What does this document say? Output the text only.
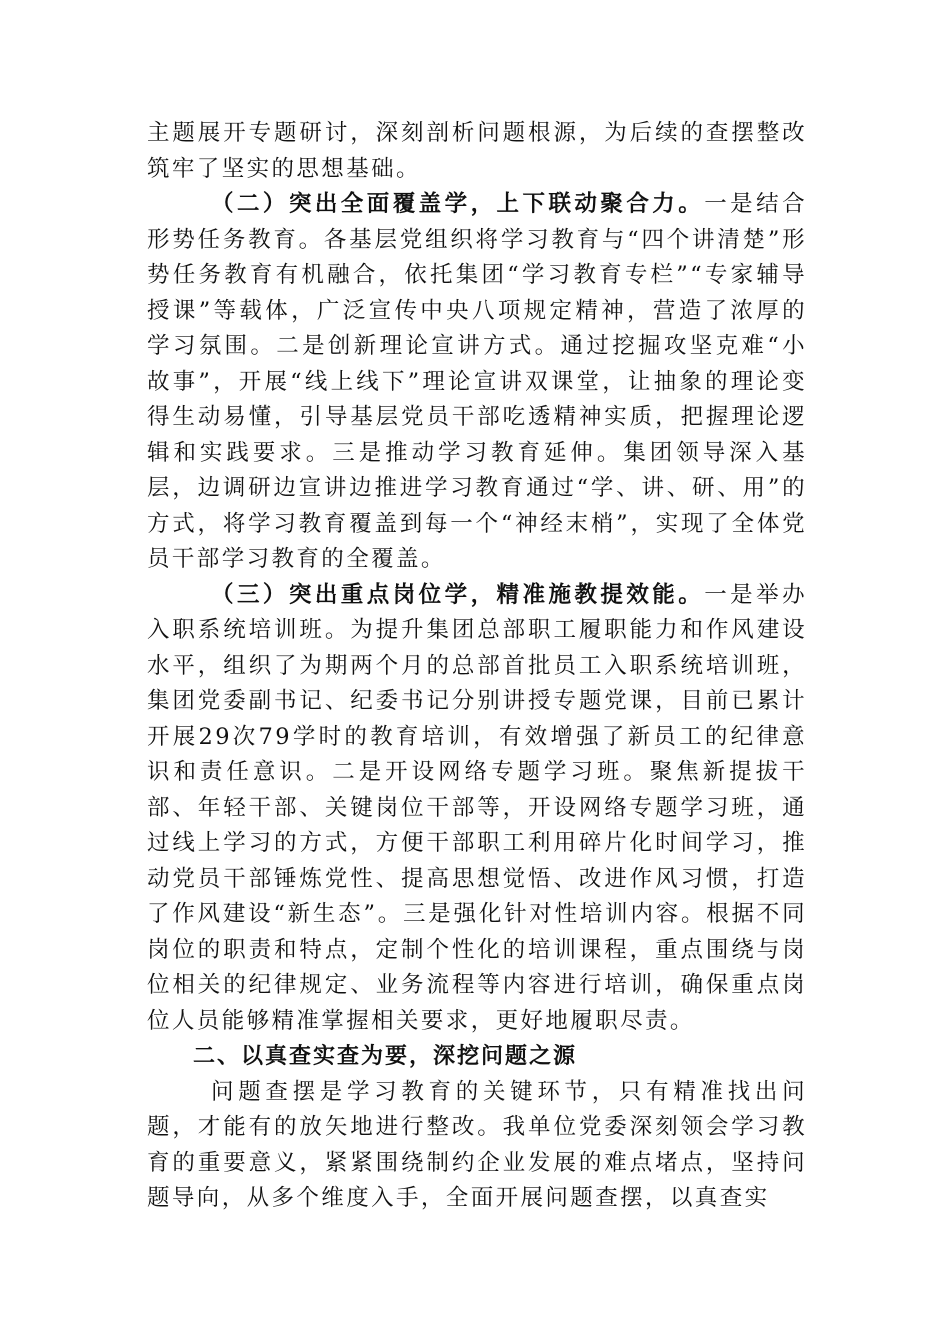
主题展开专题研讨，深刻剖析问题根源，为后续的查摆整改筑牢了坚实的思想基础。

（二）突出全面覆盖学，上下联动聚合力。一是结合形势任务教育。各基层党组织将学习教育与“四个讲清楚”形势任务教育有机融合，依托集团“学习教育专栏”“专家辅导授课”等载体，广泛宣传中央八项规定精神，营造了浓厚的学习氛围。二是创新理论宣讲方式。通过挖掘攻坚克难“小故事”，开展“线上线下”理论宣讲双课堂，让抽象的理论变得生动易懂，引导基层党员干部吃透精神实质，把握理论逻辑和实践要求。三是推动学习教育延伸。集团领导深入基层，边调研边宣讲边推进学习教育通过“学、讲、研、用”的方式，将学习教育覆盖到每一个“神经末梢”，实现了全体党员干部学习教育的全覆盖。

（三）突出重点岗位学，精准施教提效能。一是举办入职系统培训班。为提升集团总部职工履职能力和作风建设水平，组织了为期两个月的总部首批员工入职系统培训班，集团党委副书记、纪委书记分别讲授专题党课，目前已累计开展29次79学时的教育培训，有效增强了新员工的纪律意识和责任意识。二是开设网络专题学习班。聚焦新提拔干部、年轻干部、关键岗位干部等，开设网络专题学习班，通过线上学习的方式，方便干部职工利用碎片化时间学习，推动党员干部锤炼党性、提高思想觉悟、改进作风习惯，打造了作风建设“新生态”。三是强化针对性培训内容。根据不同岗位的职责和特点，定制个性化的培训课程，重点围绕与岗位相关的纪律规定、业务流程等内容进行培训，确保重点岗位人员能够精准掌握相关要求，更好地履职尽责。

二、以真查实查为要，深挖问题之源

问题查摆是学习教育的关键环节，只有精准找出问题，才能有的放矢地进行整改。我单位党委深刻领会学习教育的重要意义，紧紧围绕制约企业发展的难点堵点，坚持问题导向，从多个维度入手，全面开展问题查摆，以真查实
